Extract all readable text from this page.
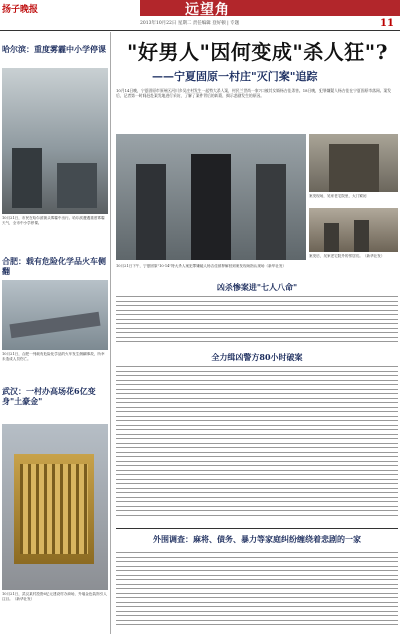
扬子晚报	远望角
2013年10月22日 星期二 责任编辑 登好顿 | 专题	11
哈尔滨：重度雾霾中小学停课
10月21日，市民在哈尔滨街头雾霾中出行。哈尔滨遭遇重度雾霾天气，全市中小学停课。
合肥：载有危险化学品火车侧翻
10月21日，合肥一列载有危险化学品的火车发生侧翻事故，所幸未造成人员伤亡。
武汉：一村办高场花6亿变身"土豪金"
10月21日，武汉某村投资6亿元建设村办商场，外墙金色装饰引人注目。（新华社发）
"好男人"因何变成"杀人狂"?
——宁夏固原一村庄"灭门案"追踪
10月14日晚，宁夏固原市原州区河川乡吴庄村发生一起特大杀人案，村民兰世尚一家7口被其女婿杨吉佳杀害。18日晚，犯罪嫌疑人杨吉佳在宁夏固原市落网。案发后，记者第一时间赶赴案发地进行采访，了解了案件背后的纠葛，揭示悲剧发生的原因。
10月21日下午，宁夏固原"10·14"特大杀人案犯罪嫌疑人杨吉佳被押解回到案发现场指认现场（新华社发）
案发现场，吴家老宅院里，大门紧闭
案发后，吴家老宅院外的邻居们。（新华社发）
凶杀惨案进"七人八命"
全力缉凶警方80小时破案
外围调查：麻将、债务、暴力等家庭纠纷缠绕着悲剧的一家
